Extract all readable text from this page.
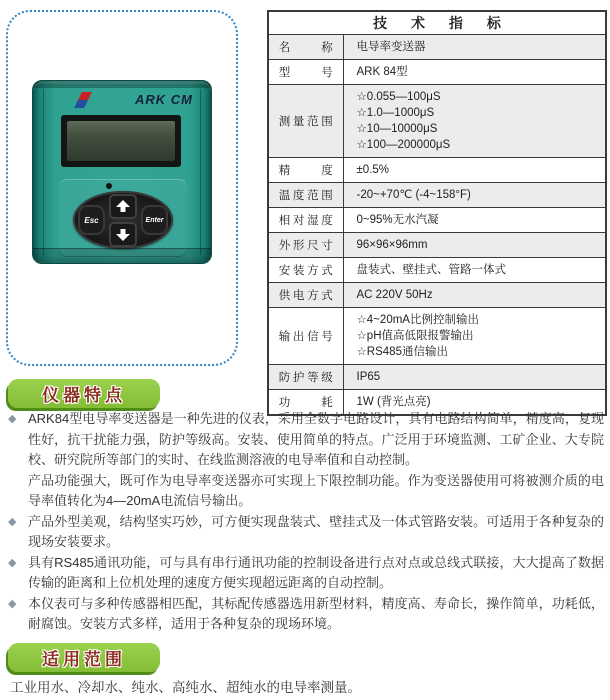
ARK CM
Esc	Enter
技 术 指 标	
名称	电导率变送器

型号	ARK 84型

测量范围	☆0.055—100μS☆1.0—1000μS
☆10—10000μS☆100—200000μS

精度	±0.5%

温度范围	-20~+70℃ (-4~158°F)

相对湿度	0~95%无水汽凝

外形尺寸	96×96×96mm

安装方式	盘装式、壁挂式、管路一体式

供电方式	AC 220V 50Hz

输出信号	☆4~20mA比例控制输出☆pH值高低限报警输出
☆RS485通信输出

防护等级	IP65

功耗	1W (背光点亮)
仪器特点
◆ ARK84型电导率变送器是一种先进的仪表，采用全数字电路设计，具有电路结构简单，精度高，复现性好，抗干扰能力强，防护等级高。安装、使用简单的特点。广泛用于环境监测、工矿企业、大专院校、研究院所等部门的实时、在线监测溶液的电导率值和自动控制。
产品功能强大，既可作为电导率变送器亦可实现上下限控制功能。作为变送器使用可将被测介质的电导率值转化为4—20mA电流信号输出。
◆ 产品外型美观，结构坚实巧妙，可方便实现盘装式、壁挂式及一体式管路安装。可适用于各种复杂的现场安装要求。
◆ 具有RS485通讯功能，可与具有串行通讯功能的控制设备进行点对点或总线式联接，大大提高了数据传输的距离和上位机处理的速度方便实现超远距离的自动控制。
◆ 本仪表可与多种传感器相匹配，其标配传感器选用新型材料，精度高、寿命长，操作简单，功耗低，耐腐蚀。安装方式多样，适用于各种复杂的现场环境。
适用范围
工业用水、冷却水、纯水、高纯水、超纯水的电导率测量。
